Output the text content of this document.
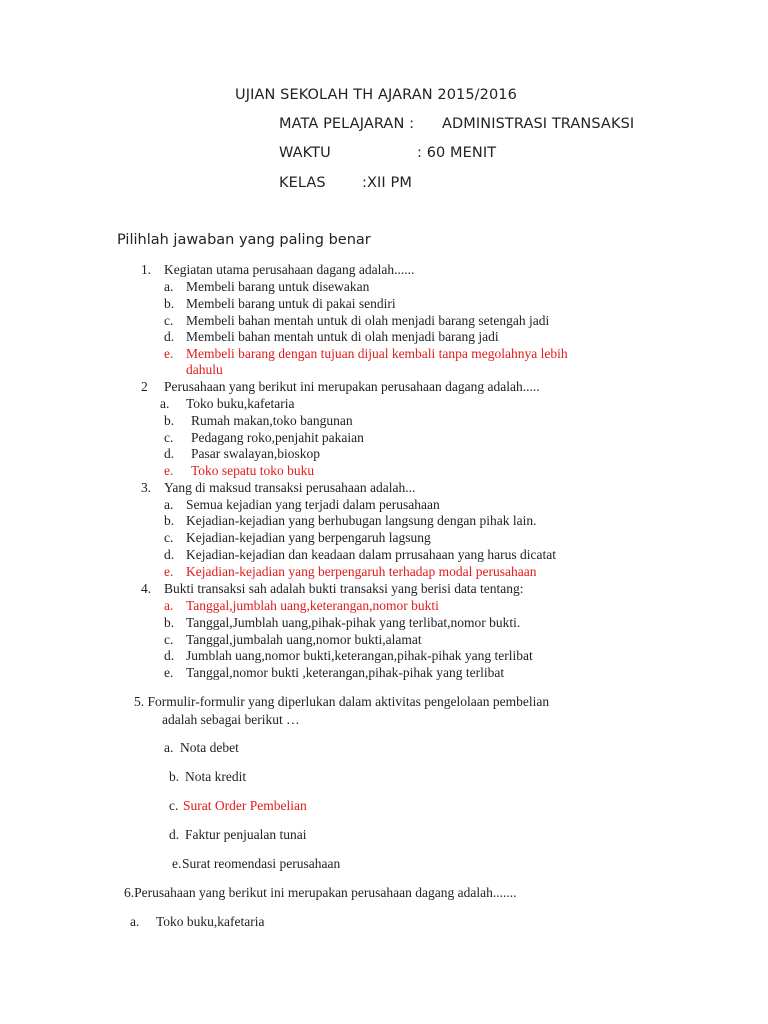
UJIAN SEKOLAH TH AJARAN 2015/2016
MATA PELAJARAN : ADMINISTRASI TRANSAKSI
WAKTU	: 60 MENIT
KELAS	:XII PM
Pilihlah jawaban yang paling benar
1. Kegiatan utama perusahaan dagang adalah......
a. Membeli barang untuk disewakan
b. Membeli barang untuk di pakai sendiri
c. Membeli bahan mentah untuk di olah menjadi barang setengah jadi
d. Membeli bahan mentah untuk di olah menjadi barang jadi
e. Membeli barang dengan tujuan dijual kembali tanpa megolahnya lebih
dahulu
2 Perusahaan yang berikut ini merupakan perusahaan dagang adalah.....
a. Toko buku,kafetaria
b. Rumah makan,toko bangunan
c. Pedagang roko,penjahit pakaian
d. Pasar swalayan,bioskop
e. Toko sepatu toko buku
3. Yang di maksud transaksi perusahaan adalah...
a. Semua kejadian yang terjadi dalam perusahaan
b. Kejadian-kejadian yang berhubugan langsung dengan pihak lain.
c. Kejadian-kejadian yang berpengaruh lagsung
d. Kejadian-kejadian dan keadaan dalam prrusahaan yang harus dicatat
e. Kejadian-kejadian yang berpengaruh terhadap modal perusahaan
4. Bukti transaksi sah adalah bukti transaksi yang berisi data tentang:
a. Tanggal,jumblah uang,keterangan,nomor bukti
b. Tanggal,Jumblah uang,pihak-pihak yang terlibat,nomor bukti.
c. Tanggal,jumbalah uang,nomor bukti,alamat
d. Jumblah uang,nomor bukti,keterangan,pihak-pihak yang terlibat
e. Tanggal,nomor bukti ,keterangan,pihak-pihak yang terlibat
5. Formulir-formulir yang diperlukan dalam aktivitas pengelolaan pembelian
adalah sebagai berikut …
a. Nota debet
b. Nota kredit
c. Surat Order Pembelian
d. Faktur penjualan tunai
e. Surat reomendasi perusahaan
6.Perusahaan yang berikut ini merupakan perusahaan dagang adalah.......
a. Toko buku,kafetaria
